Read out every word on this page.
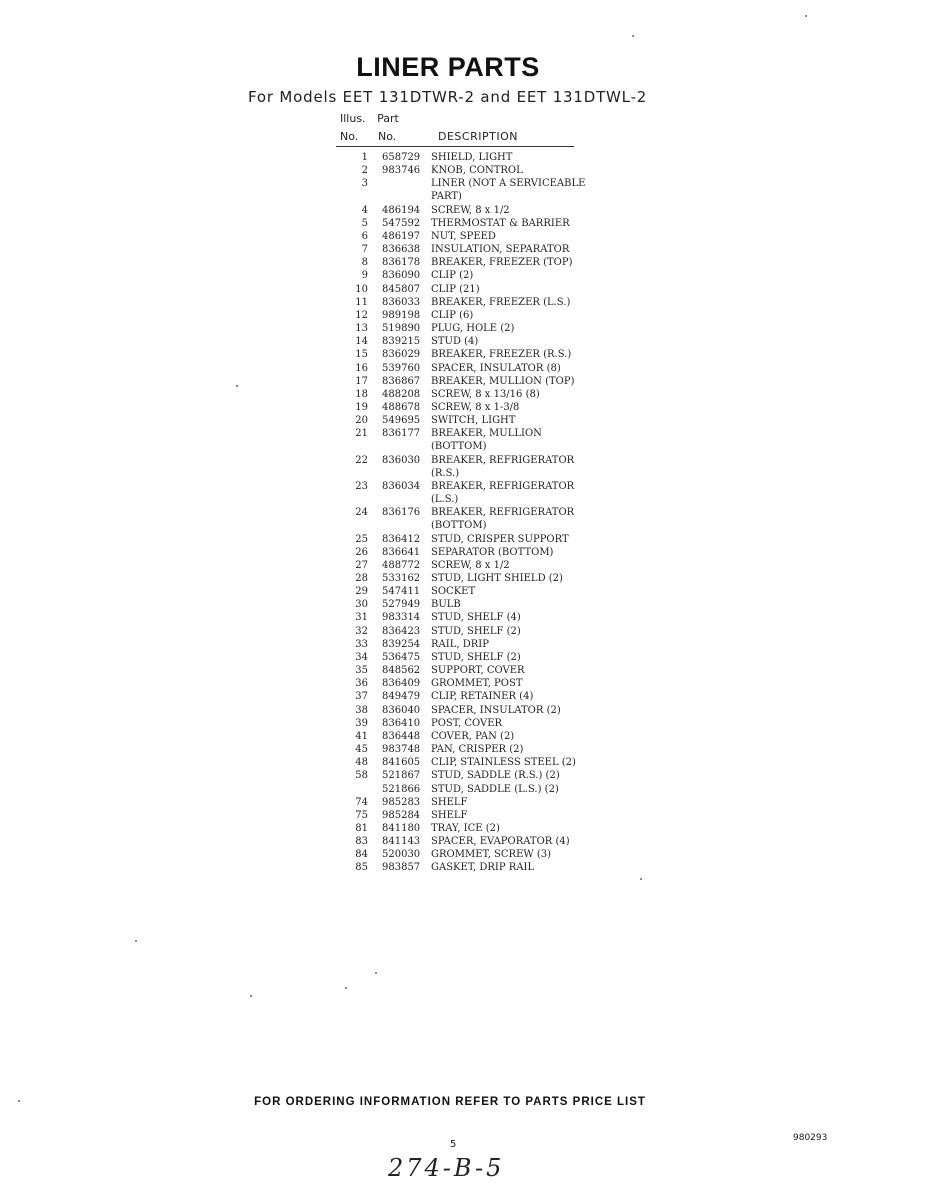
LINER PARTS
For Models EET 131DTWR-2 and EET 131DTWL-2
Illus. Part
No. No.	DESCRIPTION
1 658729 SHIELD, LIGHT
2 983746 KNOB, CONTROL
3	LINER (NOT A SERVICEABLE PART)
4 486194 SCREW, 8 x 1/2
5 547592 THERMOSTAT & BARRIER
6 486197 NUT, SPEED
7 836638 INSULATION, SEPARATOR
8 836178 BREAKER, FREEZER (TOP)
9 836090 CLIP (2)
10 845807 CLIP (21)
11 836033 BREAKER, FREEZER (L.S.)
12 989198 CLIP (6)
13 519890 PLUG, HOLE (2)
14 839215 STUD (4)
15 836029 BREAKER, FREEZER (R.S.)
16 539760 SPACER, INSULATOR (8)
17 836867 BREAKER, MULLION (TOP)
18 488208 SCREW, 8 x 13/16 (8)
19 488678 SCREW, 8 x 1-3/8
20 549695 SWITCH, LIGHT
21 836177 BREAKER, MULLION (BOTTOM)
22 836030 BREAKER, REFRIGERATOR (R.S.)
23 836034 BREAKER, REFRIGERATOR (L.S.)
24 836176 BREAKER, REFRIGERATOR (BOTTOM)
25 836412 STUD, CRISPER SUPPORT
26 836641 SEPARATOR (BOTTOM)
27 488772 SCREW, 8 x 1/2
28 533162 STUD, LIGHT SHIELD (2)
29 547411 SOCKET
30 527949 BULB
31 983314 STUD, SHELF (4)
32 836423 STUD, SHELF (2)
33 839254 RAIL, DRIP
34 536475 STUD, SHELF (2)
35 848562 SUPPORT, COVER
36 836409 GROMMET, POST
37 849479 CLIP, RETAINER (4)
38 836040 SPACER, INSULATOR (2)
39 836410 POST, COVER
41 836448 COVER, PAN (2)
45 983748 PAN, CRISPER (2)
48 841605 CLIP, STAINLESS STEEL (2)
58 521867 STUD, SADDLE (R.S.) (2)
521866 STUD, SADDLE (L.S.) (2)
74 985283 SHELF
75 985284 SHELF
81 841180 TRAY, ICE (2)
83 841143 SPACER, EVAPORATOR (4)
84 520030 GROMMET, SCREW (3)
85 983857 GASKET, DRIP RAIL
FOR ORDERING INFORMATION REFER TO PARTS PRICE LIST
5
980293
274-B-5
